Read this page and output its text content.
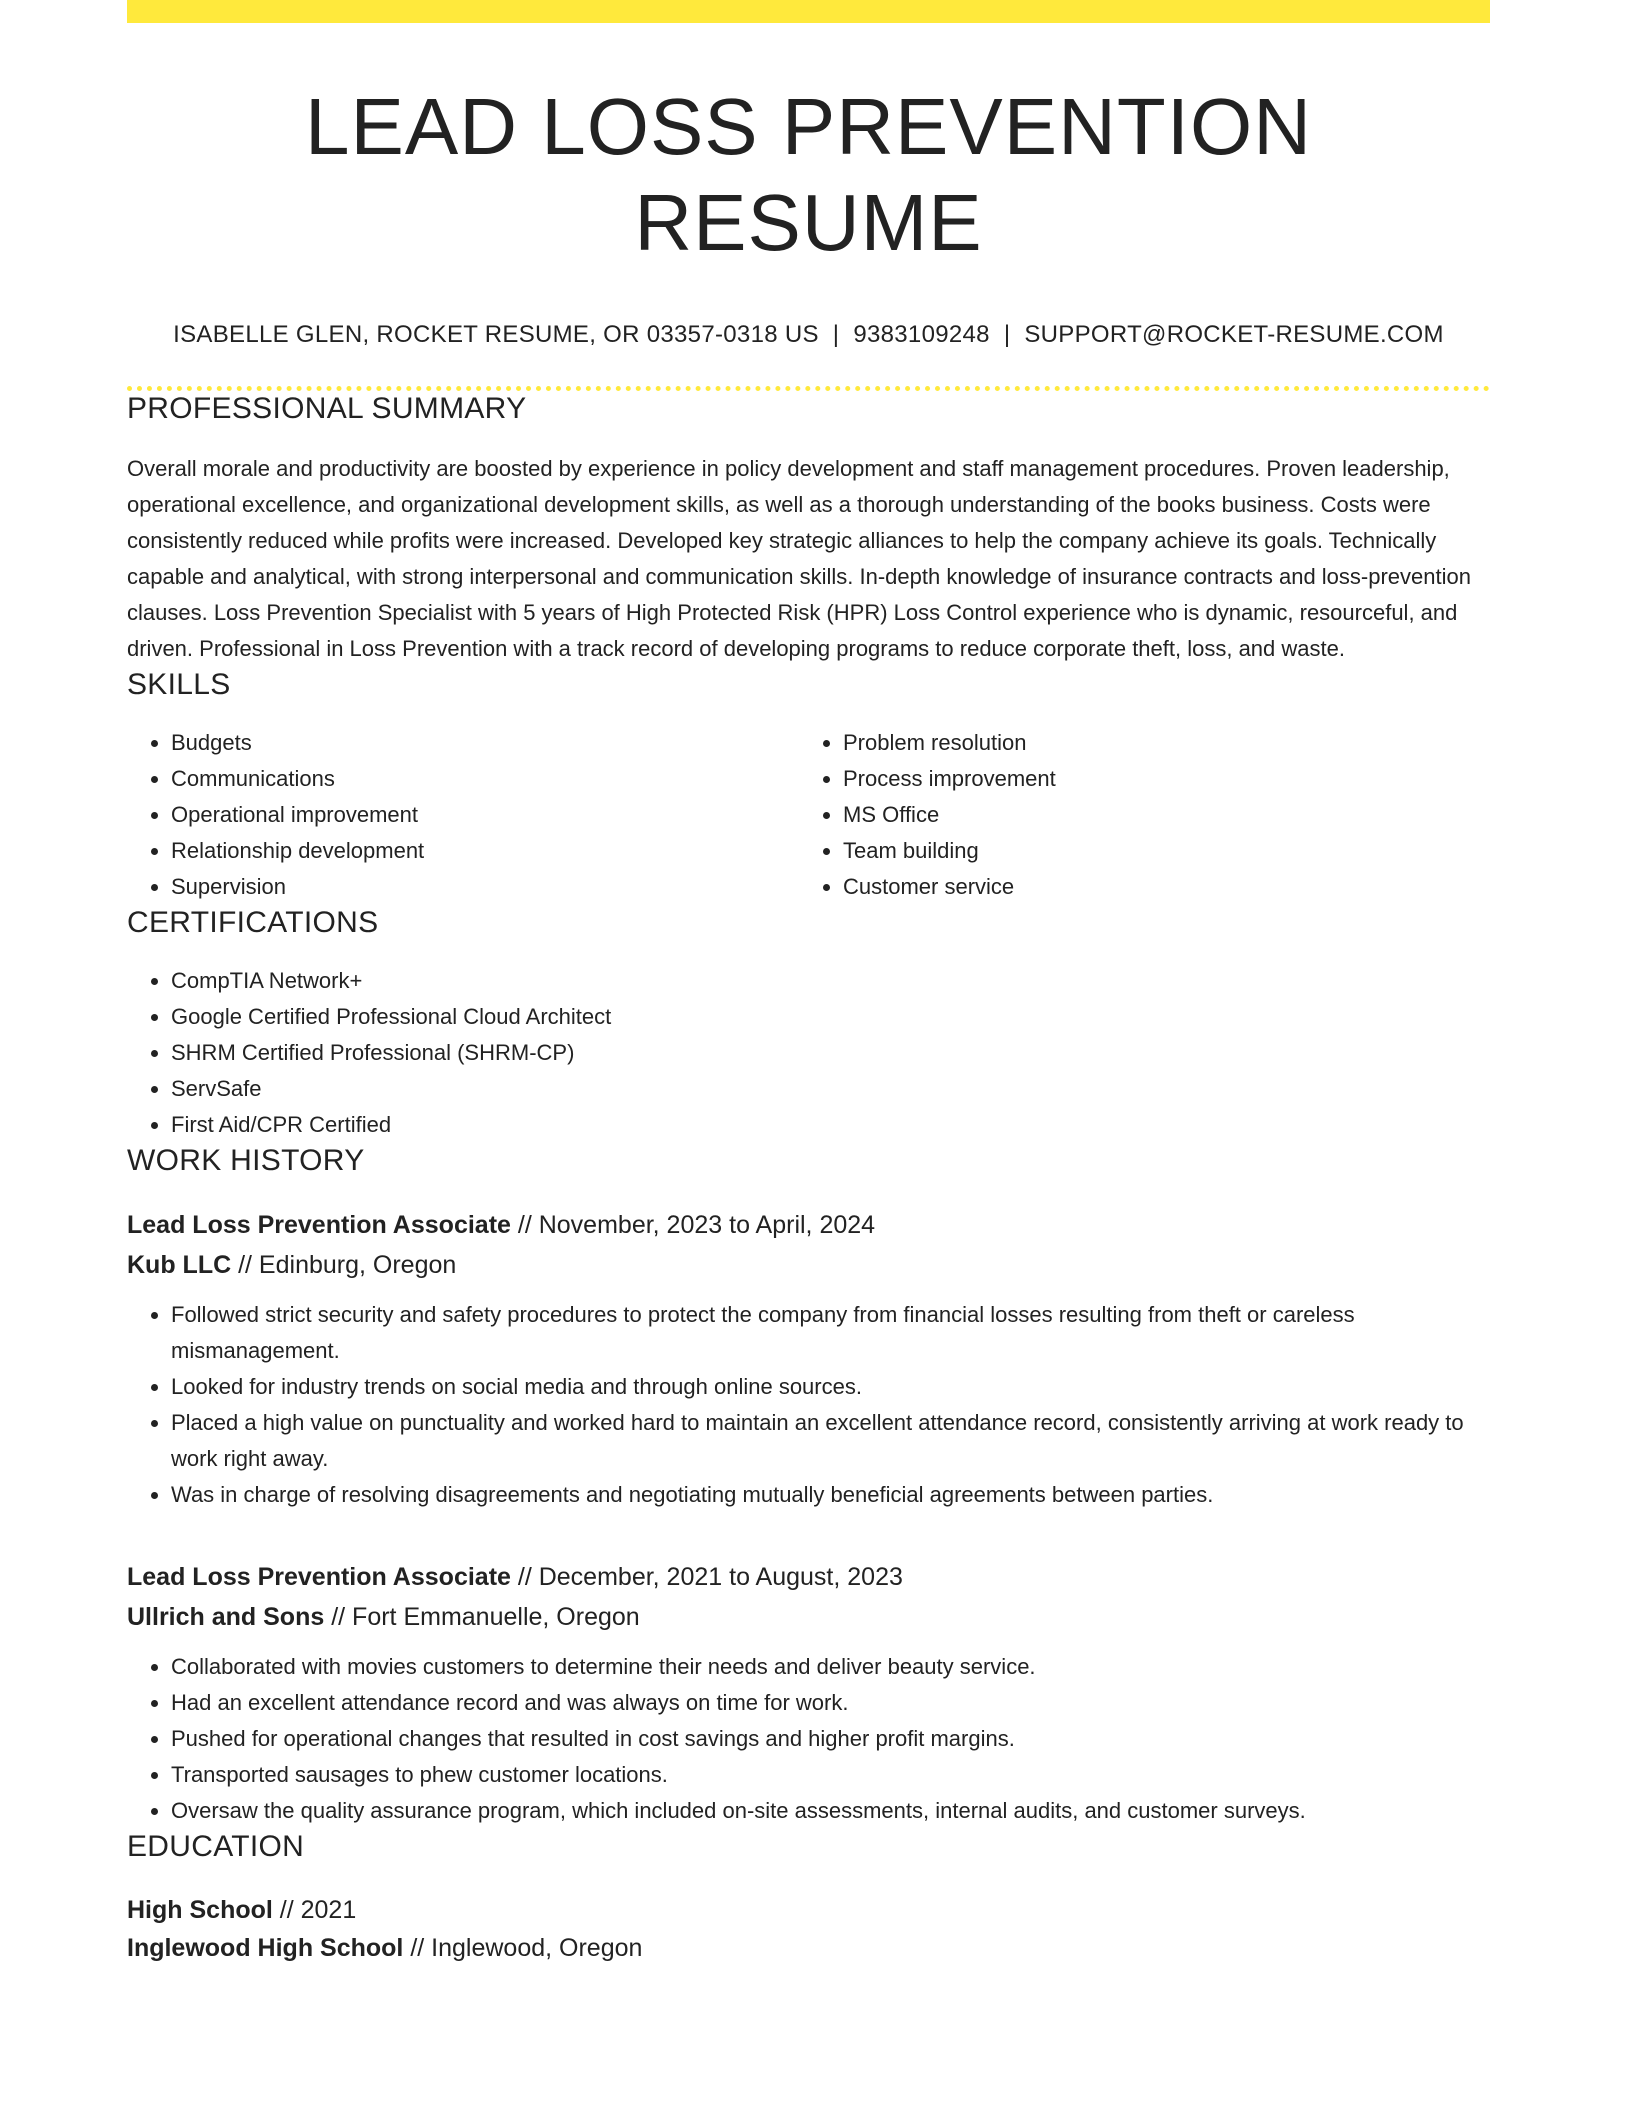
LEAD LOSS PREVENTION RESUME
ISABELLE GLEN, ROCKET RESUME, OR 03357-0318 US | 9383109248 | SUPPORT@ROCKET-RESUME.COM
PROFESSIONAL SUMMARY
Overall morale and productivity are boosted by experience in policy development and staff management procedures. Proven leadership, operational excellence, and organizational development skills, as well as a thorough understanding of the books business. Costs were consistently reduced while profits were increased. Developed key strategic alliances to help the company achieve its goals. Technically capable and analytical, with strong interpersonal and communication skills. In-depth knowledge of insurance contracts and loss-prevention clauses. Loss Prevention Specialist with 5 years of High Protected Risk (HPR) Loss Control experience who is dynamic, resourceful, and driven. Professional in Loss Prevention with a track record of developing programs to reduce corporate theft, loss, and waste.
SKILLS
• Budgets
• Communications
• Operational improvement
• Relationship development
• Supervision
• Problem resolution
• Process improvement
• MS Office
• Team building
• Customer service
CERTIFICATIONS
• CompTIA Network+
• Google Certified Professional Cloud Architect
• SHRM Certified Professional (SHRM-CP)
• ServSafe
• First Aid/CPR Certified
WORK HISTORY
Lead Loss Prevention Associate // November, 2023 to April, 2024
Kub LLC // Edinburg, Oregon
• Followed strict security and safety procedures to protect the company from financial losses resulting from theft or careless mismanagement.
• Looked for industry trends on social media and through online sources.
• Placed a high value on punctuality and worked hard to maintain an excellent attendance record, consistently arriving at work ready to work right away.
• Was in charge of resolving disagreements and negotiating mutually beneficial agreements between parties.
Lead Loss Prevention Associate // December, 2021 to August, 2023
Ullrich and Sons // Fort Emmanuelle, Oregon
• Collaborated with movies customers to determine their needs and deliver beauty service.
• Had an excellent attendance record and was always on time for work.
• Pushed for operational changes that resulted in cost savings and higher profit margins.
• Transported sausages to phew customer locations.
• Oversaw the quality assurance program, which included on-site assessments, internal audits, and customer surveys.
EDUCATION
High School // 2021
Inglewood High School // Inglewood, Oregon
